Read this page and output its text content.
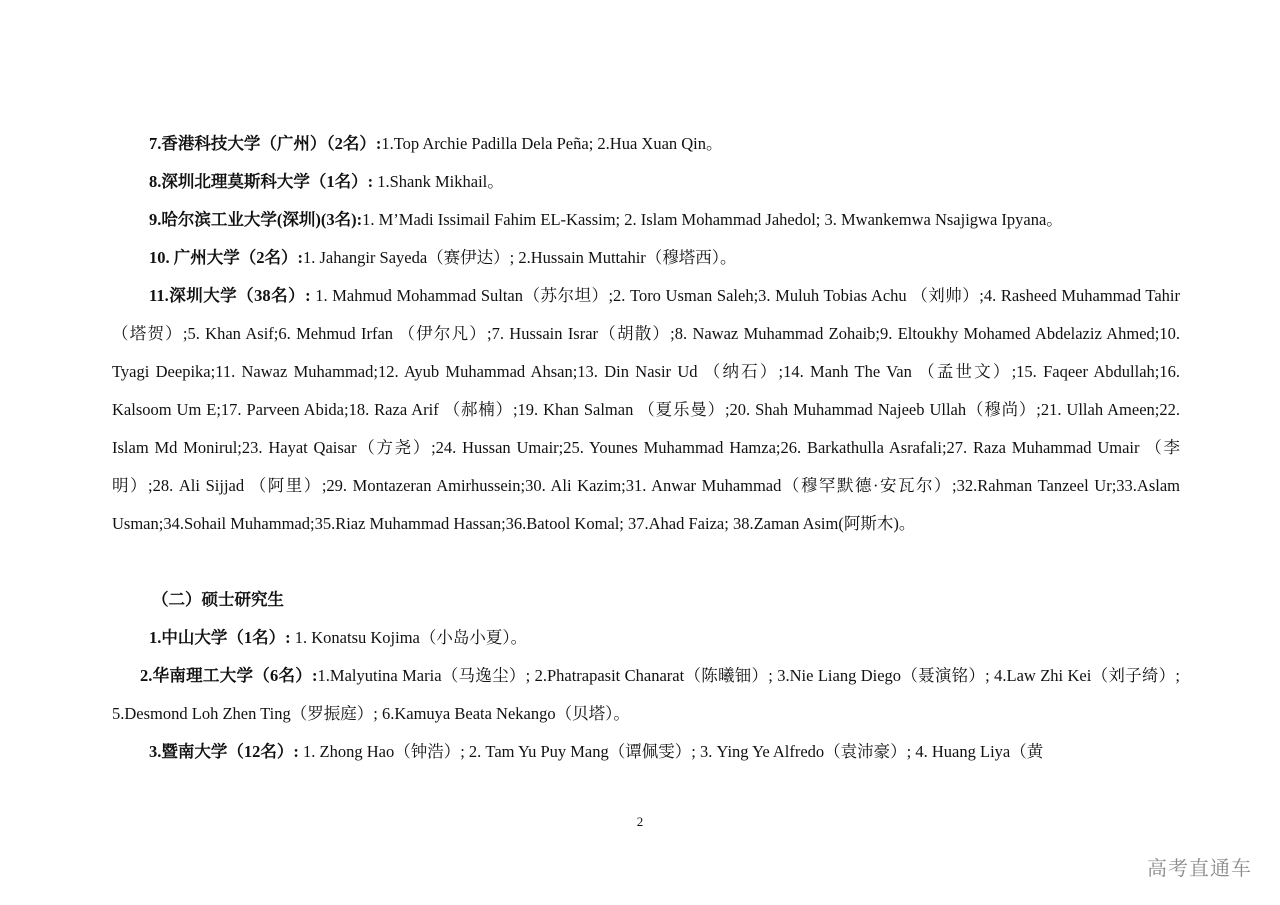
7.香港科技大学（广州）（2名）:1.Top Archie Padilla Dela Peña; 2.Hua Xuan Qin。

8.深圳北理莫斯科大学（1名）: 1.Shank Mikhail。

9.哈尔滨工业大学(深圳)(3名):1. M’Madi Issimail Fahim EL-Kassim; 2. Islam Mohammad Jahedol; 3. Mwankemwa Nsajigwa Ipyana。

10. 广州大学（2名）:1. Jahangir Sayeda（赛伊达）; 2.Hussain Muttahir（穆塔西）。

11.深圳大学（38名）: 1. Mahmud Mohammad Sultan（苏尔坦）;2. Toro Usman Saleh;3. Muluh Tobias Achu （刘帅）;4. Rasheed Muhammad Tahir （塔贺）;5. Khan Asif;6. Mehmud Irfan （伊尔凡）;7. Hussain Israr（胡散）;8. Nawaz Muhammad Zohaib;9. Eltoukhy Mohamed Abdelaziz Ahmed;10. Tyagi Deepika;11. Nawaz Muhammad;12. Ayub Muhammad Ahsan;13. Din Nasir Ud （纳石）;14. Manh The Van （孟世文）;15. Faqeer Abdullah;16. Kalsoom Um E;17. Parveen Abida;18. Raza Arif （郝楠）;19. Khan Salman （夏乐曼）;20. Shah Muhammad Najeeb Ullah（穆尚）;21. Ullah Ameen;22. Islam Md Monirul;23. Hayat Qaisar（方尧）;24. Hussan Umair;25. Younes Muhammad Hamza;26. Barkathulla Asrafali;27. Raza Muhammad Umair （李明）;28. Ali Sijjad （阿里）;29. Montazeran Amirhussein;30. Ali Kazim;31. Anwar Muhammad（穆罕默德·安瓦尔）;32.Rahman Tanzeel Ur;33.Aslam Usman;34.Sohail Muhammad;35.Riaz Muhammad Hassan;36.Batool Komal; 37.Ahad Faiza; 38.Zaman Asim(阿斯木)。

（二）硕士研究生

1.中山大学（1名）: 1. Konatsu Kojima（小岛小夏）。

2.华南理工大学（6名）:1.Malyutina Maria（马逸尘）; 2.Phatrapasit Chanarat（陈曦钿）; 3.Nie Liang Diego（聂演铭）; 4.Law Zhi Kei（刘子绮）; 5.Desmond Loh Zhen Ting（罗振庭）; 6.Kamuya Beata Nekango（贝塔）。

3.暨南大学（12名）: 1. Zhong Hao（钟浩）; 2. Tam Yu Puy Mang（谭佩雯）; 3. Ying Ye Alfredo（袁沛豪）; 4. Huang Liya（黄

2
高考直通车
